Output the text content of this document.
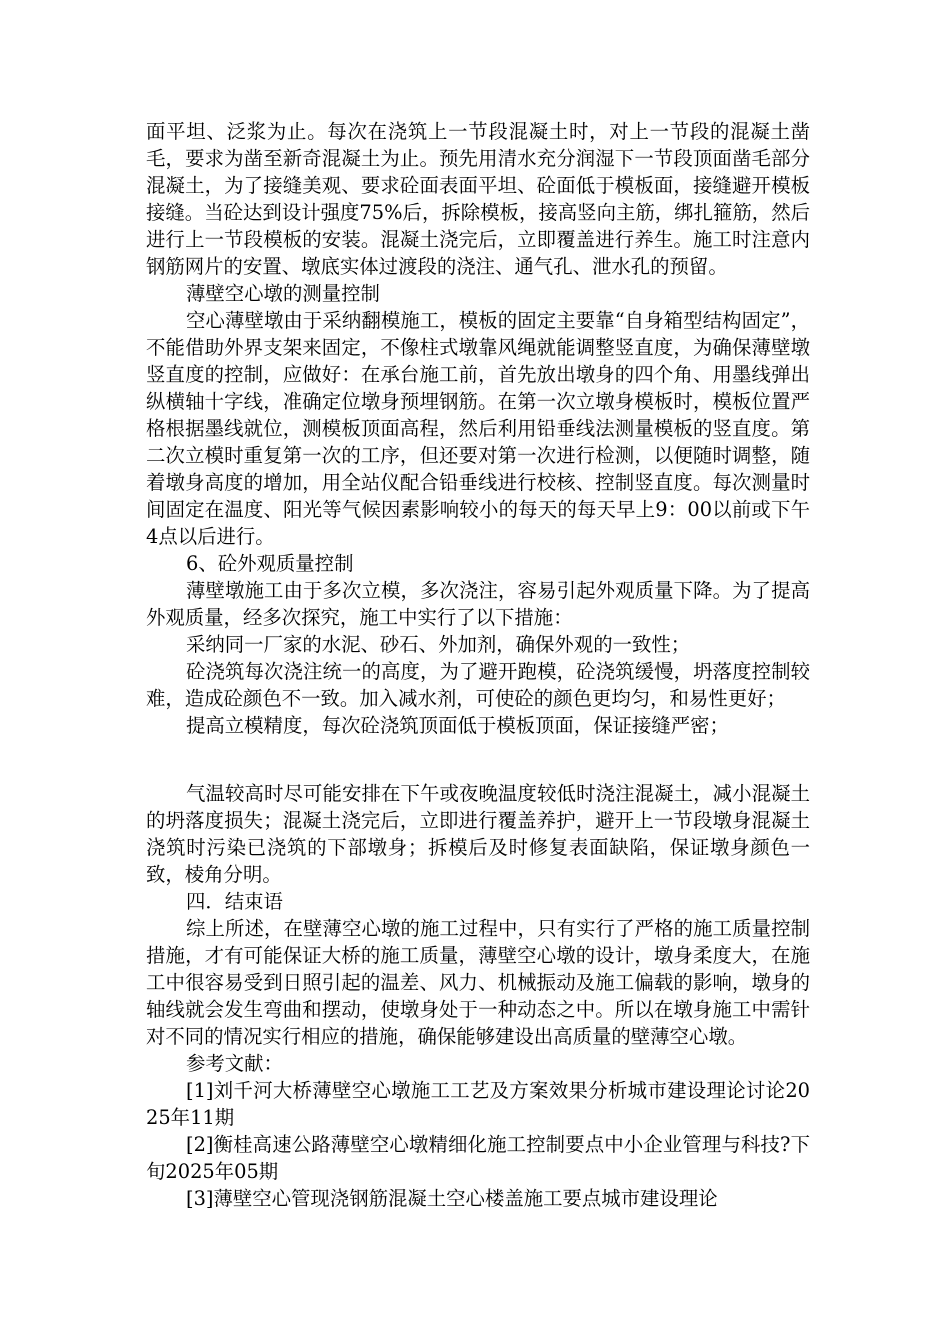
面平坦、泛浆为止。每次在浇筑上一节段混凝土时，对上一节段的混凝土凿毛，要求为凿至新奇混凝土为止。预先用清水充分润湿下一节段顶面凿毛部分混凝土，为了接缝美观、要求砼面表面平坦、砼面低于模板面，接缝避开模板接缝。当砼达到设计强度75%后，拆除模板，接高竖向主筋，绑扎箍筋，然后进行上一节段模板的安装。混凝土浇完后，立即覆盖进行养生。施工时注意内钢筋网片的安置、墩底实体过渡段的浇注、通气孔、泄水孔的预留。

薄壁空心墩的测量控制

空心薄壁墩由于采纳翻模施工，模板的固定主要靠“自身箱型结构固定”，不能借助外界支架来固定，不像柱式墩靠风绳就能调整竖直度，为确保薄壁墩竖直度的控制，应做好：在承台施工前，首先放出墩身的四个角、用墨线弹出纵横轴十字线，准确定位墩身预埋钢筋。在第一次立墩身模板时，模板位置严格根据墨线就位，测模板顶面高程，然后利用铅垂线法测量模板的竖直度。第二次立模时重复第一次的工序，但还要对第一次进行检测，以便随时调整，随着墩身高度的增加，用全站仪配合铅垂线进行校核、控制竖直度。每次测量时间固定在温度、阳光等气候因素影响较小的每天的每天早上9：00以前或下午4点以后进行。

6、砼外观质量控制

薄壁墩施工由于多次立模，多次浇注，容易引起外观质量下降。为了提高外观质量，经多次探究，施工中实行了以下措施：

采纳同一厂家的水泥、砂石、外加剂，确保外观的一致性；

砼浇筑每次浇注统一的高度，为了避开跑模，砼浇筑缓慢，坍落度控制较难，造成砼颜色不一致。加入减水剂，可使砼的颜色更均匀，和易性更好；

提高立模精度，每次砼浇筑顶面低于模板顶面，保证接缝严密；

气温较高时尽可能安排在下午或夜晚温度较低时浇注混凝土，减小混凝土的坍落度损失；混凝土浇完后，立即进行覆盖养护，避开上一节段墩身混凝土浇筑时污染已浇筑的下部墩身；拆模后及时修复表面缺陷，保证墩身颜色一致，棱角分明。

四．结束语

综上所述，在壁薄空心墩的施工过程中，只有实行了严格的施工质量控制措施，才有可能保证大桥的施工质量，薄壁空心墩的设计，墩身柔度大，在施工中很容易受到日照引起的温差、风力、机械振动及施工偏载的影响，墩身的轴线就会发生弯曲和摆动，使墩身处于一种动态之中。所以在墩身施工中需针对不同的情况实行相应的措施，确保能够建设出高质量的壁薄空心墩。

参考文献：

[1]刘千河大桥薄壁空心墩施工工艺及方案效果分析城市建设理论讨论2025年11期

[2]衡桂高速公路薄壁空心墩精细化施工控制要点中小企业管理与科技?下旬2025年05期

[3]薄壁空心管现浇钢筋混凝土空心楼盖施工要点城市建设理论
